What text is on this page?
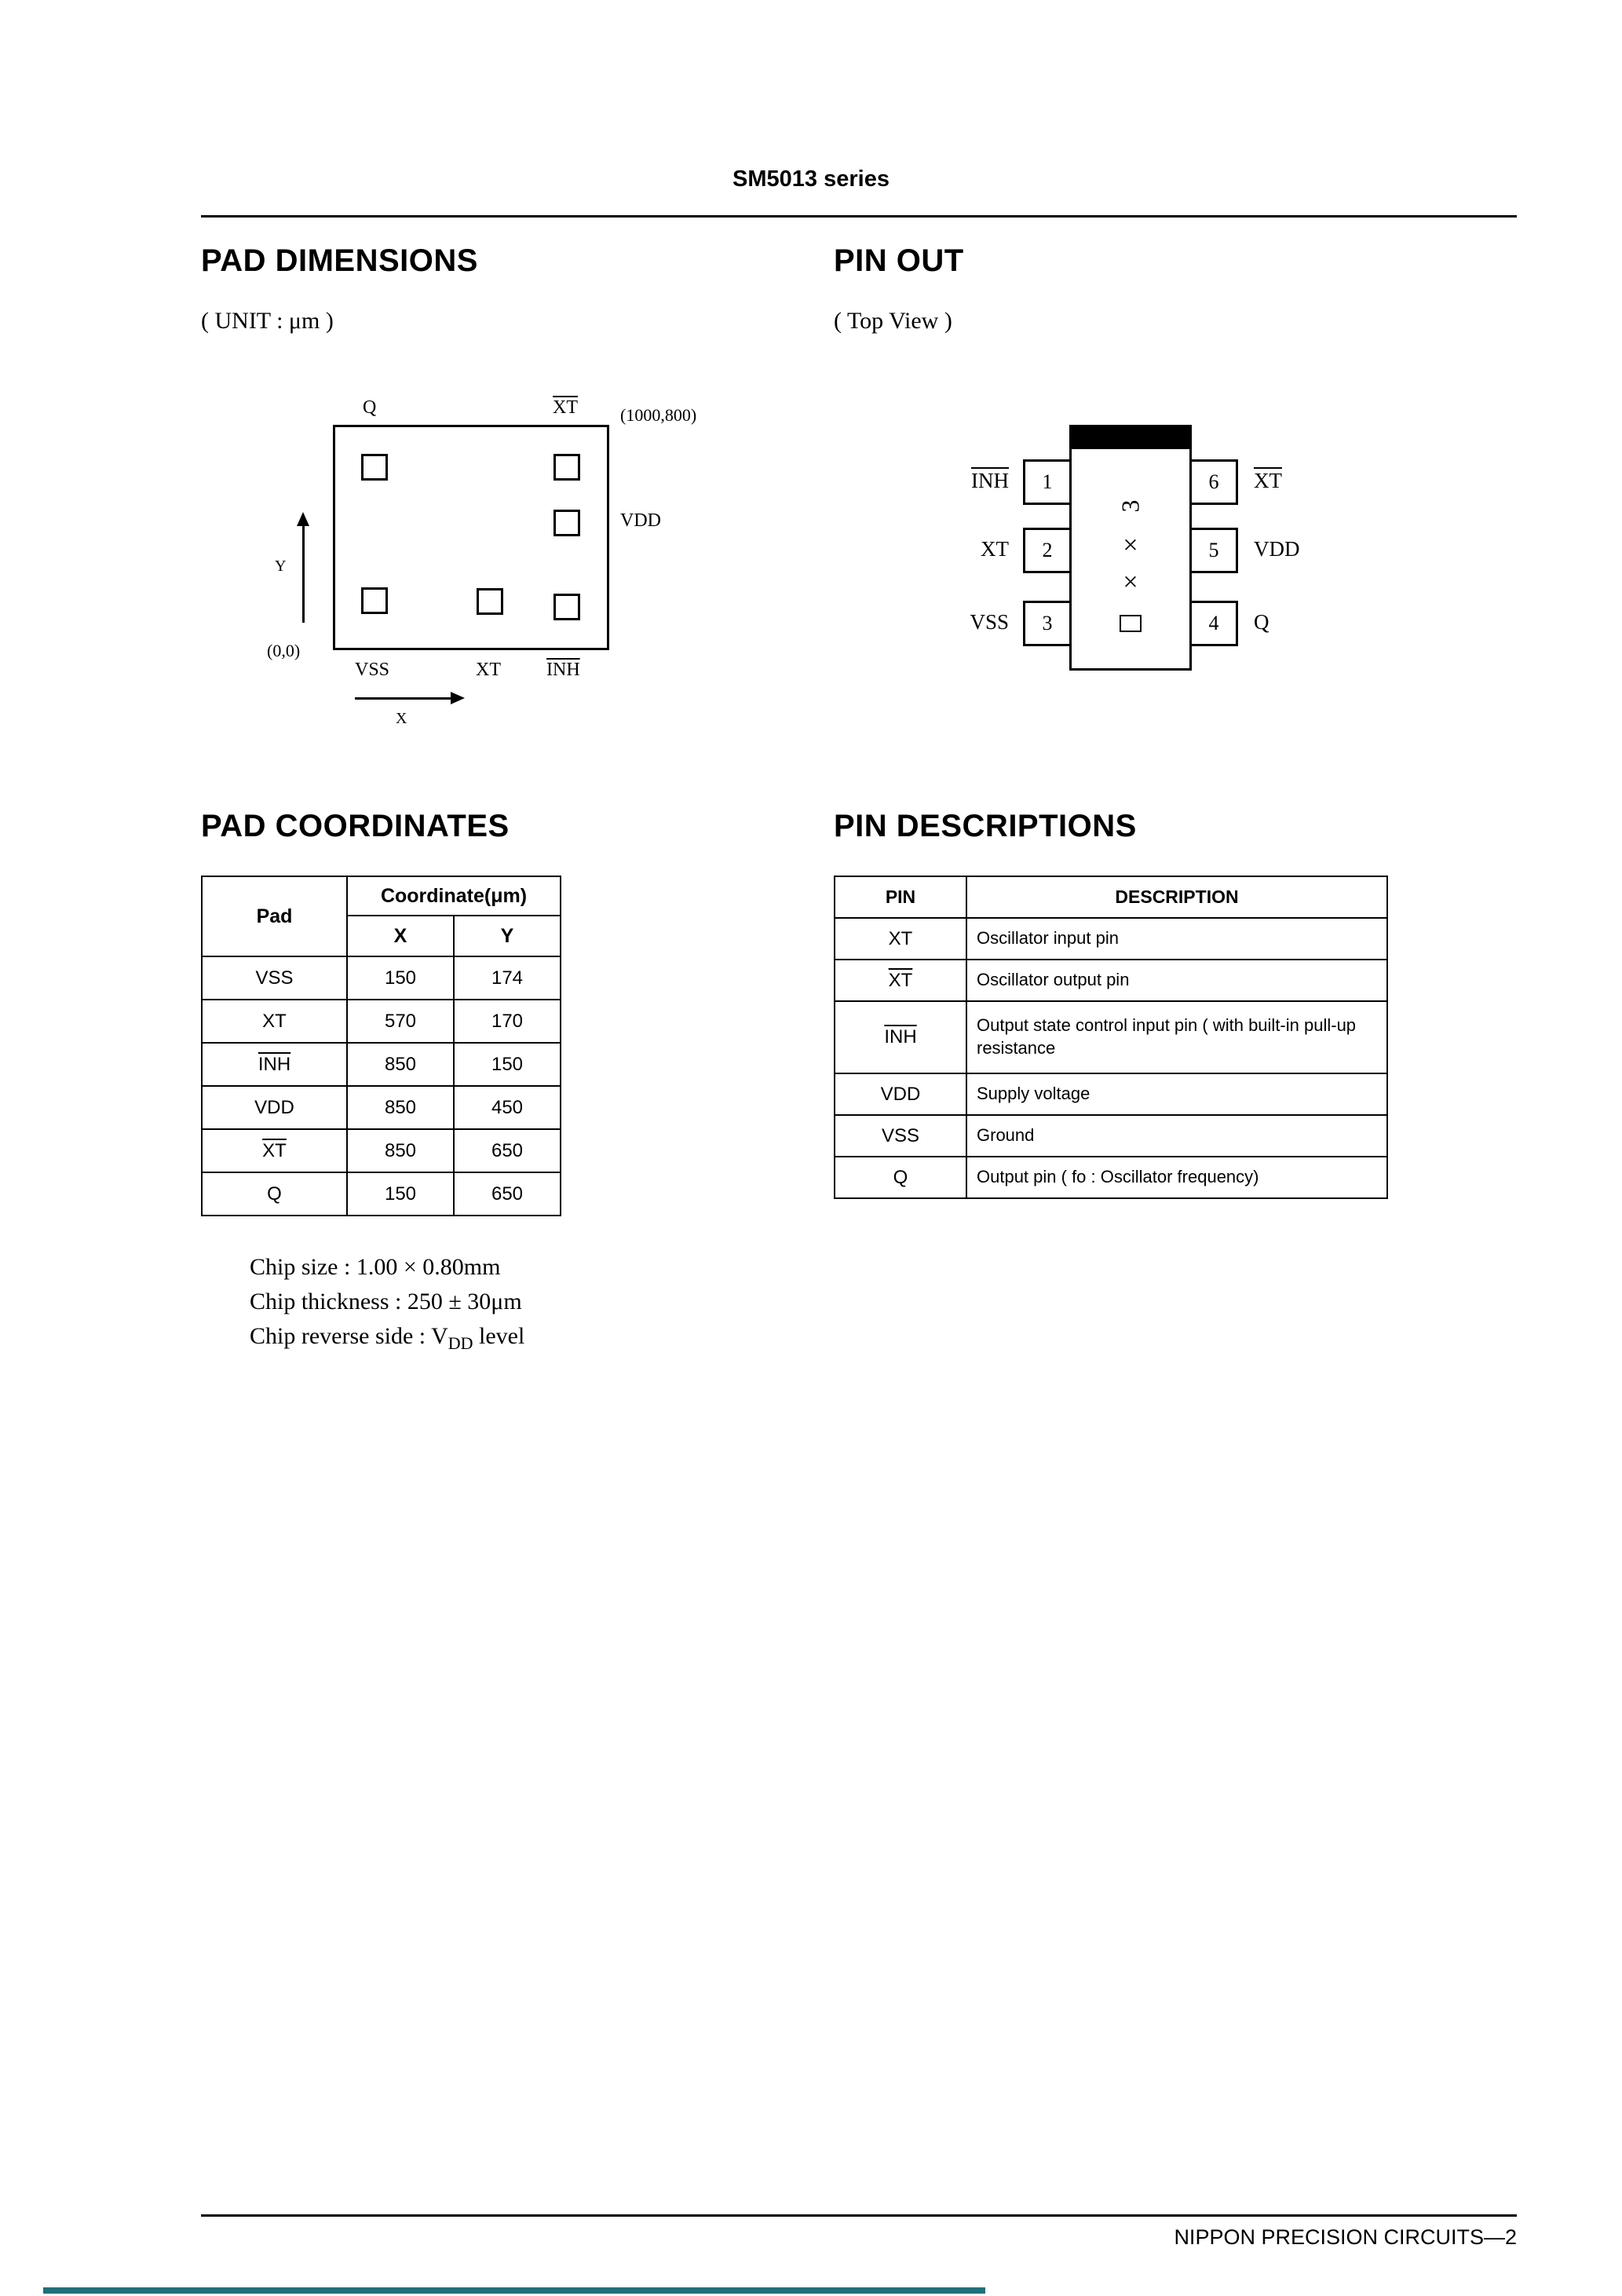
SM5013 series
PAD DIMENSIONS	PIN OUT
( UNIT : μm )	( Top View )
Q	$\overline{XT}$ (1000,800)
VDD
(0,0)
VSS	XT $\overline{INH}$
Y
X
1
2
3
6
5
4
$\overline{INH}$
XT
VSS
$\overline{XT}$
VDD
Q
3
×
×
PAD COORDINATES	PIN DESCRIPTIONS
Pad	Coordinate(μm)	
	X	Y
VSS	150	174
XT	570	170
$\overline{INH}$	850	150
VDD	850	450
$\overline{XT}$	850	650
Q	150	650
Chip size : 1.00 × 0.80mm
Chip thickness : 250 ± 30μm
Chip reverse side : $V_{DD}$ level
PIN	DESCRIPTION
XT	Oscillator input pin
$\overline{XT}$	Oscillator output pin
$\overline{INH}$	Output state control input pin ( with built-in pull-up resistance
VDD	Supply voltage
VSS	Ground
Q	Output pin ( fo : Oscillator frequency)
NIPPON PRECISION CIRCUITS—2
